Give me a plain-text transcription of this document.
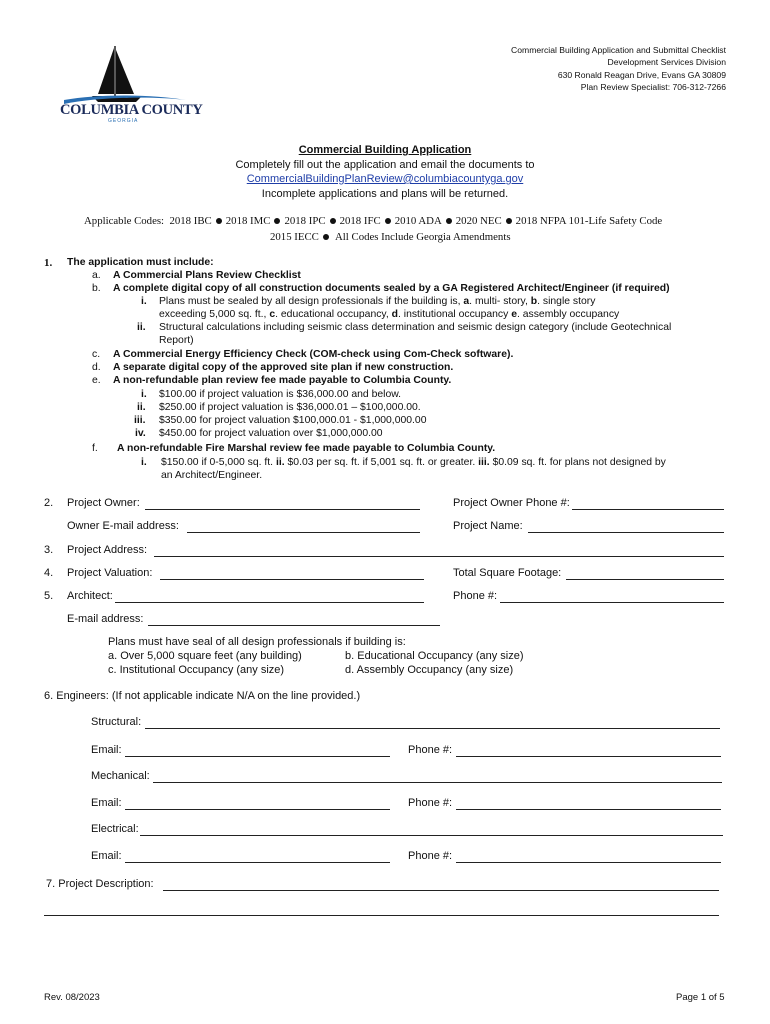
COLUMBIA COUNTY
GEORGIA
Commercial Building Application and Submittal Checklist
Development Services Division
630 Ronald Reagan Drive, Evans GA 30809
Plan Review Specialist: 706-312-7266
Commercial Building Application
Completely fill out the application and email the documents to
CommercialBuildingPlanReview@columbiacountyga.gov
Incomplete applications and plans will be returned.
Applicable Codes: 2018 IBC 2018 IMC 2018 IPC 2018 IFC 2010 ADA 2020 NEC 2018 NFPA 101-Life Safety Code
2015 IECC All Codes Include Georgia Amendments
1. The application must include:
a. A Commercial Plans Review Checklist
b. A complete digital copy of all construction documents sealed by a GA Registered Architect/Engineer (if required)
i. Plans must be sealed by all design professionals if the building is, a. multi- story, b. single story
exceeding 5,000 sq. ft., c. educational occupancy, d. institutional occupancy e. assembly occupancy
ii. Structural calculations including seismic class determination and seismic design category (include Geotechnical
Report)
c. A Commercial Energy Efficiency Check (COM-check using Com-Check software).
d. A separate digital copy of the approved site plan if new construction.
e. A non-refundable plan review fee made payable to Columbia County.
i. $100.00 if project valuation is $36,000.00 and below.
ii. $250.00 if project valuation is $36,000.01 – $100,000.00.
iii. $350.00 for project valuation $100,000.01 - $1,000,000.00
iv. $450.00 for project valuation over $1,000,000.00
f. A non-refundable Fire Marshal review fee made payable to Columbia County.
i. $150.00 if 0-5,000 sq. ft. ii. $0.03 per sq. ft. if 5,001 sq. ft. or greater. iii. $0.09 sq. ft. for plans not designed by
an Architect/Engineer.
2. Project Owner:	Project Owner Phone #:
Owner E-mail address:	Project Name:
3. Project Address:
4. Project Valuation:	Total Square Footage:
5. Architect:	Phone #:
E-mail address:
Plans must have seal of all design professionals if building is:
a. Over 5,000 square feet (any building)	b. Educational Occupancy (any size)
c. Institutional Occupancy (any size)	d. Assembly Occupancy (any size)
6. Engineers: (If not applicable indicate N/A on the line provided.)
Structural:
Email:	Phone #:
Mechanical:
Email:	Phone #:
Electrical:
Email:	Phone #:
7. Project Description:
Rev. 08/2023	Page 1 of 5
